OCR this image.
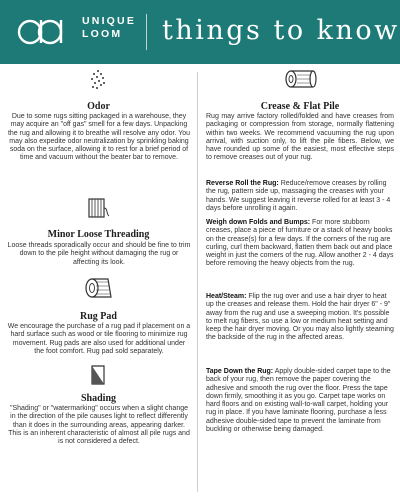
UNIQUE
LOOM	things to know
Odor
Due to some rugs sitting packaged in a warehouse, they may acquire an "off gas" smell for a few days. Unpacking the rug and allowing it to breathe will resolve any odor. You may also expedite odor neutralization by sprinkling baking soda on the surface, allowing it to rest for a brief period of time and vacuum without the beater bar to remove.
Minor Loose Threading
Loose threads sporadically occur and should be fine to trim down to the pile height without damaging the rug or affecting its look.
Rug Pad
We encourage the purchase of a rug pad if placement on a hard surface such as wood or tile flooring to minimize rug movement. Rug pads are also used for additional under the foot comfort. Rug pad sold separately.
Shading
"Shading" or "watermarking" occurs when a slight change in the direction of the pile causes light to reflect differently than it does in the surrounding areas, appearing darker. This is an inherent characteristic of almost all pile rugs and is not considered a defect.
Crease & Flat Pile
Rug may arrive factory rolled/folded and have creases from packaging or compression from storage, normally flattening within two weeks. We recommend vacuuming the rug upon arrival, with suction only, to lift the pile fibers. Below, we have rounded up some of the easiest, most effective steps to remove creases out of your rug.
Reverse Roll the Rug: Reduce/remove creases by rolling the rug, pattern side up, massaging the creases with your hands. We suggest leaving it reverse rolled for at least 3 - 4 days before unrolling it again.
Weigh down Folds and Bumps: For more stubborn creases, place a piece of furniture or a stack of heavy books on the crease(s) for a few days. If the corners of the rug are curling, curl them backward, flatten them back out and place weight in just the corners of the rug. Allow another 2 - 4 days before removing the heavy objects from the rug.
Heat/Steam: Flip the rug over and use a hair dryer to heat up the creases and release them. Hold the hair dryer 6" - 9" away from the rug and use a sweeping motion. It's possible to melt rug fibers, so use a low or medium heat setting and keep the hair dryer moving. Or you may also lightly steaming the backside of the rug in the affected areas.
Tape Down the Rug: Apply double-sided carpet tape to the back of your rug, then remove the paper covering the adhesive and smooth the rug over the floor. Press the tape down firmly, smoothing it as you go. Carpet tape works on hard floors and on existing wall-to-wall carpet, holding your rug in place. If you have laminate flooring, purchase a less adhesive double-sided tape to prevent the laminate from buckling or otherwise being damaged.
